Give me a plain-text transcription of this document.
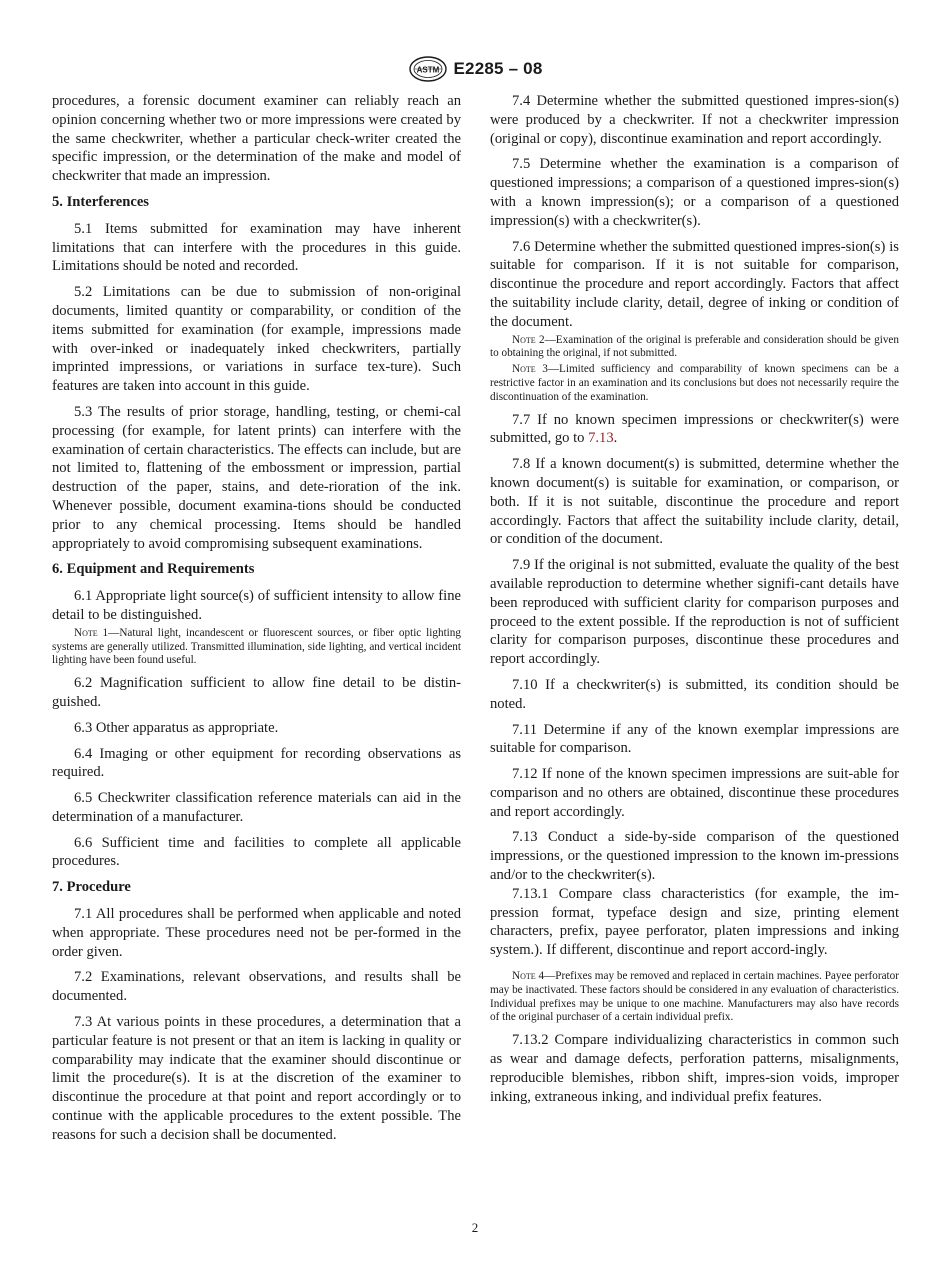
ASTM E2285 – 08

procedures, a forensic document examiner can reliably reach an opinion concerning whether two or more impressions were created by the same checkwriter, whether a particular check-writer created the specific impression, or the determination of the make and model of checkwriter that made an impression.

5. Interferences

5.1 Items submitted for examination may have inherent limitations that can interfere with the procedures in this guide. Limitations should be noted and recorded.

5.2 Limitations can be due to submission of non-original documents, limited quantity or comparability, or condition of the items submitted for examination (for example, impressions made with over-inked or inadequately inked checkwriters, partially imprinted impressions, or variations in surface tex-ture). Such features are taken into account in this guide.

5.3 The results of prior storage, handling, testing, or chemi-cal processing (for example, for latent prints) can interfere with the examination of certain characteristics. The effects can include, but are not limited to, flattening of the embossment or impression, partial destruction of the paper, stains, and dete-rioration of the ink. Whenever possible, document examina-tions should be conducted prior to any chemical processing. Items should be handled appropriately to avoid compromising subsequent examinations.

6. Equipment and Requirements

6.1 Appropriate light source(s) of sufficient intensity to allow fine detail to be distinguished.

Note 1—Natural light, incandescent or fluorescent sources, or fiber optic lighting systems are generally utilized. Transmitted illumination, side lighting, and vertical incident lighting have been found useful.

6.2 Magnification sufficient to allow fine detail to be distin-guished.

6.3 Other apparatus as appropriate.

6.4 Imaging or other equipment for recording observations as required.

6.5 Checkwriter classification reference materials can aid in the determination of a manufacturer.

6.6 Sufficient time and facilities to complete all applicable procedures.

7. Procedure

7.1 All procedures shall be performed when applicable and noted when appropriate. These procedures need not be per-formed in the order given.

7.2 Examinations, relevant observations, and results shall be documented.

7.3 At various points in these procedures, a determination that a particular feature is not present or that an item is lacking in quality or comparability may indicate that the examiner should discontinue or limit the procedure(s). It is at the discretion of the examiner to discontinue the procedure at that point and report accordingly or to continue with the applicable procedures to the extent possible. The reasons for such a decision shall be documented.

7.4 Determine whether the submitted questioned impres-sion(s) were produced by a checkwriter. If not a checkwriter impression (original or copy), discontinue examination and report accordingly.

7.5 Determine whether the examination is a comparison of questioned impressions; a comparison of a questioned impres-sion(s) with a known impression(s); or a comparison of a questioned impression(s) with a checkwriter(s).

7.6 Determine whether the submitted questioned impres-sion(s) is suitable for comparison. If it is not suitable for comparison, discontinue the procedure and report accordingly. Factors that affect the suitability include clarity, detail, degree of inking or condition of the document.

Note 2—Examination of the original is preferable and consideration should be given to obtaining the original, if not submitted.

Note 3—Limited sufficiency and comparability of known specimens can be a restrictive factor in an examination and its conclusions but does not necessarily require the discontinuation of the examination.

7.7 If no known specimen impressions or checkwriter(s) were submitted, go to 7.13.

7.8 If a known document(s) is submitted, determine whether the known document(s) is suitable for examination, or comparison, or both. If it is not suitable, discontinue the procedure and report accordingly. Factors that affect the suitability include clarity, detail, or condition of the document.

7.9 If the original is not submitted, evaluate the quality of the best available reproduction to determine whether signifi-cant details have been reproduced with sufficient clarity for comparison purposes and proceed to the extent possible. If the reproduction is not of sufficient clarity for comparison purposes, discontinue these procedures and report accordingly.

7.10 If a checkwriter(s) is submitted, its condition should be noted.

7.11 Determine if any of the known exemplar impressions are suitable for comparison.

7.12 If none of the known specimen impressions are suit-able for comparison and no others are obtained, discontinue these procedures and report accordingly.

7.13 Conduct a side-by-side comparison of the questioned impressions, or the questioned impression to the known im-pressions and/or to the checkwriter(s).

7.13.1 Compare class characteristics (for example, the im-pression format, typeface design and size, printing element characters, prefix, payee perforator, platen impressions and inking system.). If different, discontinue and report accord-ingly.

Note 4—Prefixes may be removed and replaced in certain machines. Payee perforator may be inactivated. These factors should be considered in any evaluation of characteristics. Individual prefixes may be unique to one machine. Manufacturers may also have records of the original purchaser of a certain individual prefix.

7.13.2 Compare individualizing characteristics in common such as wear and damage defects, perforation patterns, misalignments, reproducible blemishes, ribbon shift, impres-sion voids, improper inking, extraneous inking, and individual prefix features.

2
